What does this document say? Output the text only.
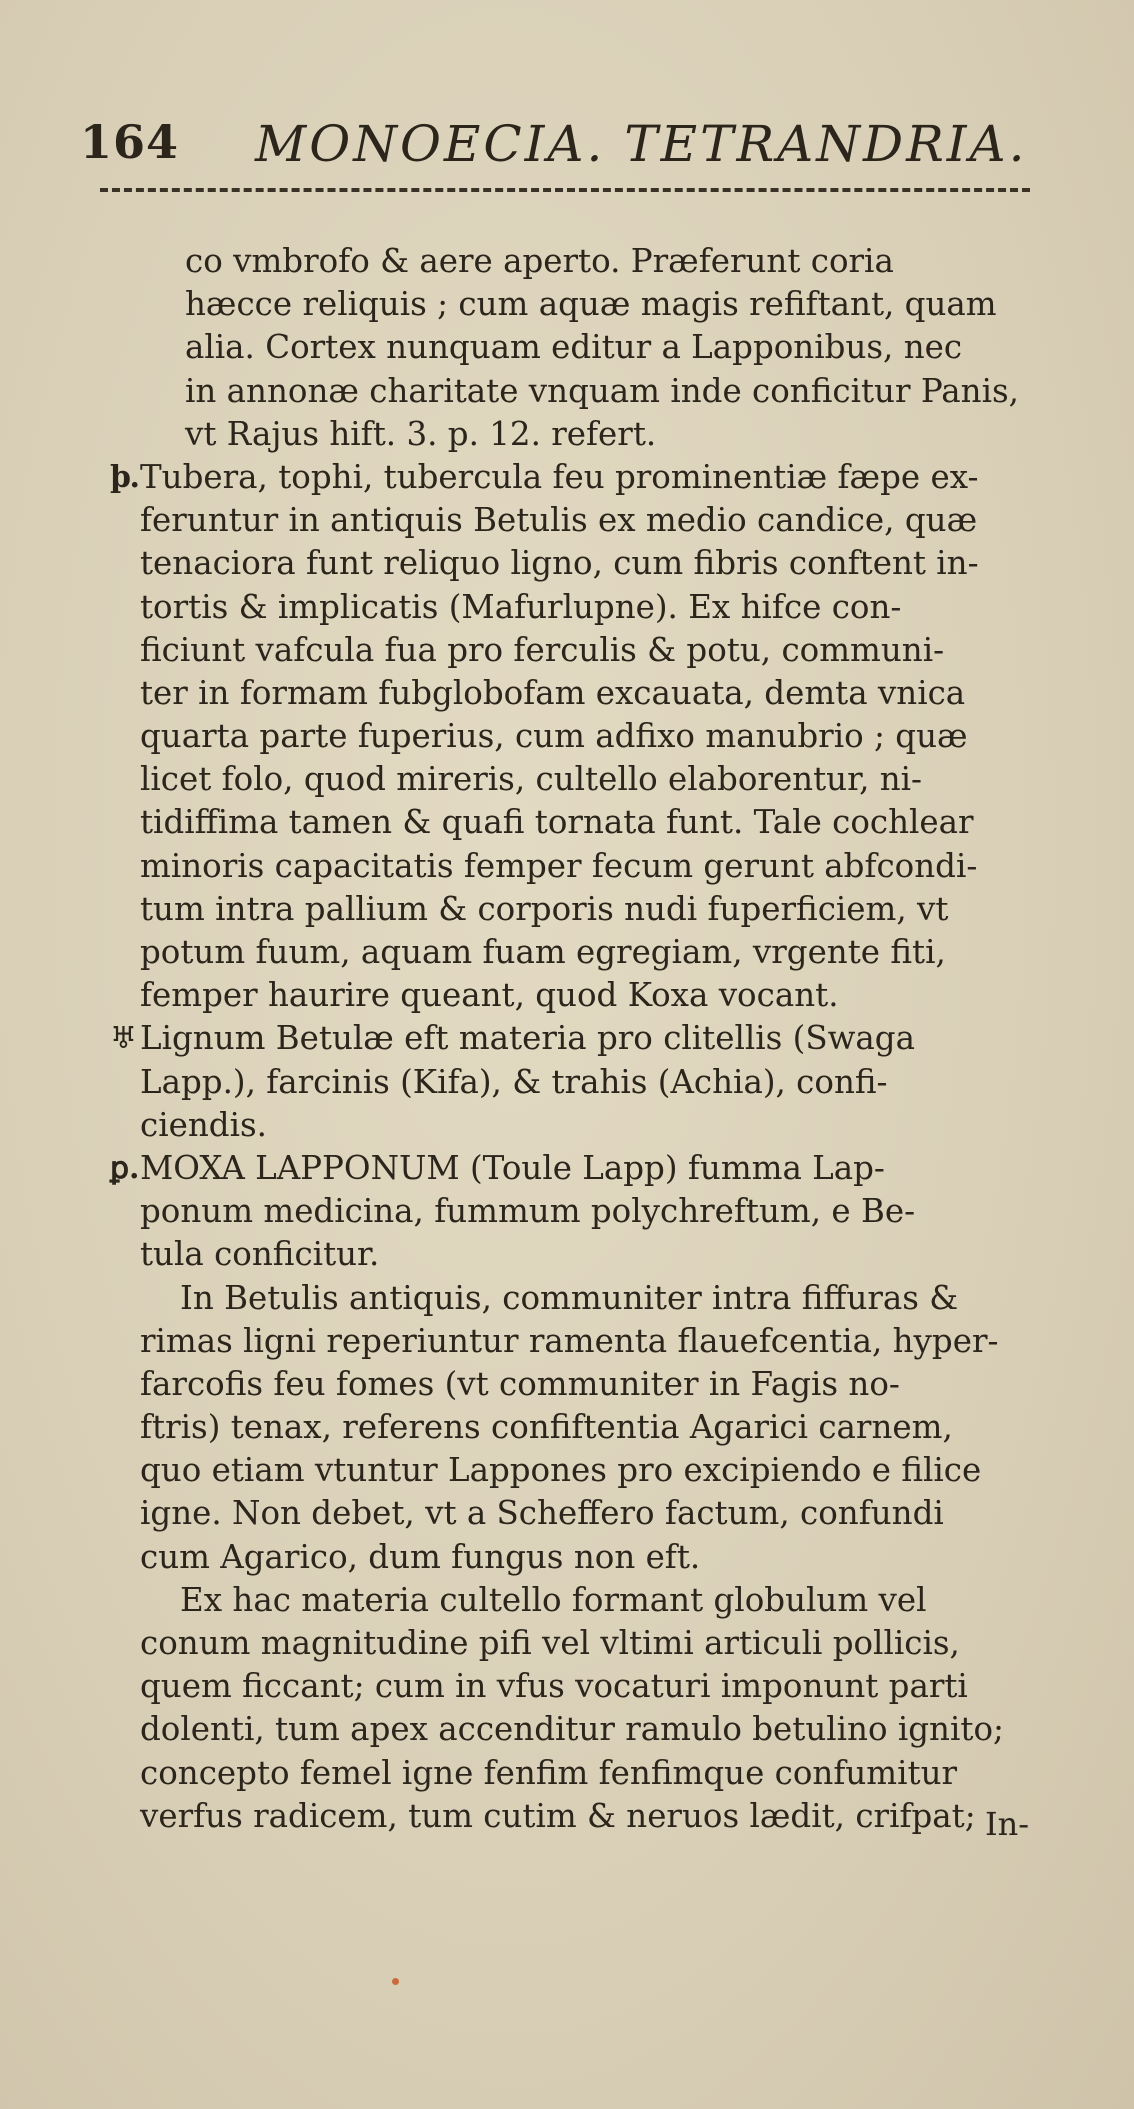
164 MONOECIA. TETRANDRIA.
co vmbrofo & aere aperto. Præferunt coria
hæcce reliquis ; cum aquæ magis refiftant, quam
alia. Cortex nunquam editur a Lapponibus, nec
in annonæ charitate vnquam inde conficitur Panis,
vt Rajus hift. 3. p. 12. refert.
þ. Tubera, tophi, tubercula feu prominentiæ fæpe ex-
feruntur in antiquis Betulis ex medio candice, quæ
tenaciora funt reliquo ligno, cum fibris conftent in-
tortis & implicatis (Mafurlupne). Ex hifce con-
ficiunt vafcula fua pro ferculis & potu, communi-
ter in formam fubglobofam excauata, demta vnica
quarta parte fuperius, cum adfixo manubrio ; quæ
licet folo, quod mireris, cultello elaborentur, ni-
tidiffima tamen & quafi tornata funt. Tale cochlear
minoris capacitatis femper fecum gerunt abfcondi-
tum intra pallium & corporis nudi fuperficiem, vt
potum fuum, aquam fuam egregiam, vrgente fiti,
femper haurire queant, quod Koxa vocant.
♅ Lignum Betulæ eft materia pro clitellis (Swaga
Lapp.), farcinis (Kifa), & trahis (Achia), confi-
ciendis.
ꝑ. MOXA LAPPONUM (Toule Lapp) fumma Lap-
ponum medicina, fummum polychreftum, e Be-
tula conficitur.
In Betulis antiquis, communiter intra fiffuras &
rimas ligni reperiuntur ramenta flauefcentia, hyper-
farcofis feu fomes (vt communiter in Fagis no-
ftris) tenax, referens confiftentia Agarici carnem,
quo etiam vtuntur Lappones pro excipiendo e filice
igne. Non debet, vt a Schefferο factum, confundi
cum Agarico, dum fungus non eft.
Ex hac materia cultello formant globulum vel
conum magnitudine pifi vel vltimi articuli pollicis,
quem ficcant; cum in vfus vocaturi imponunt parti
dolenti, tum apex accenditur ramulo betulino ignito;
concepto femel igne fenfim fenfimque confumitur
verfus radicem, tum cutim & neruos lædit, crifpat; In-
